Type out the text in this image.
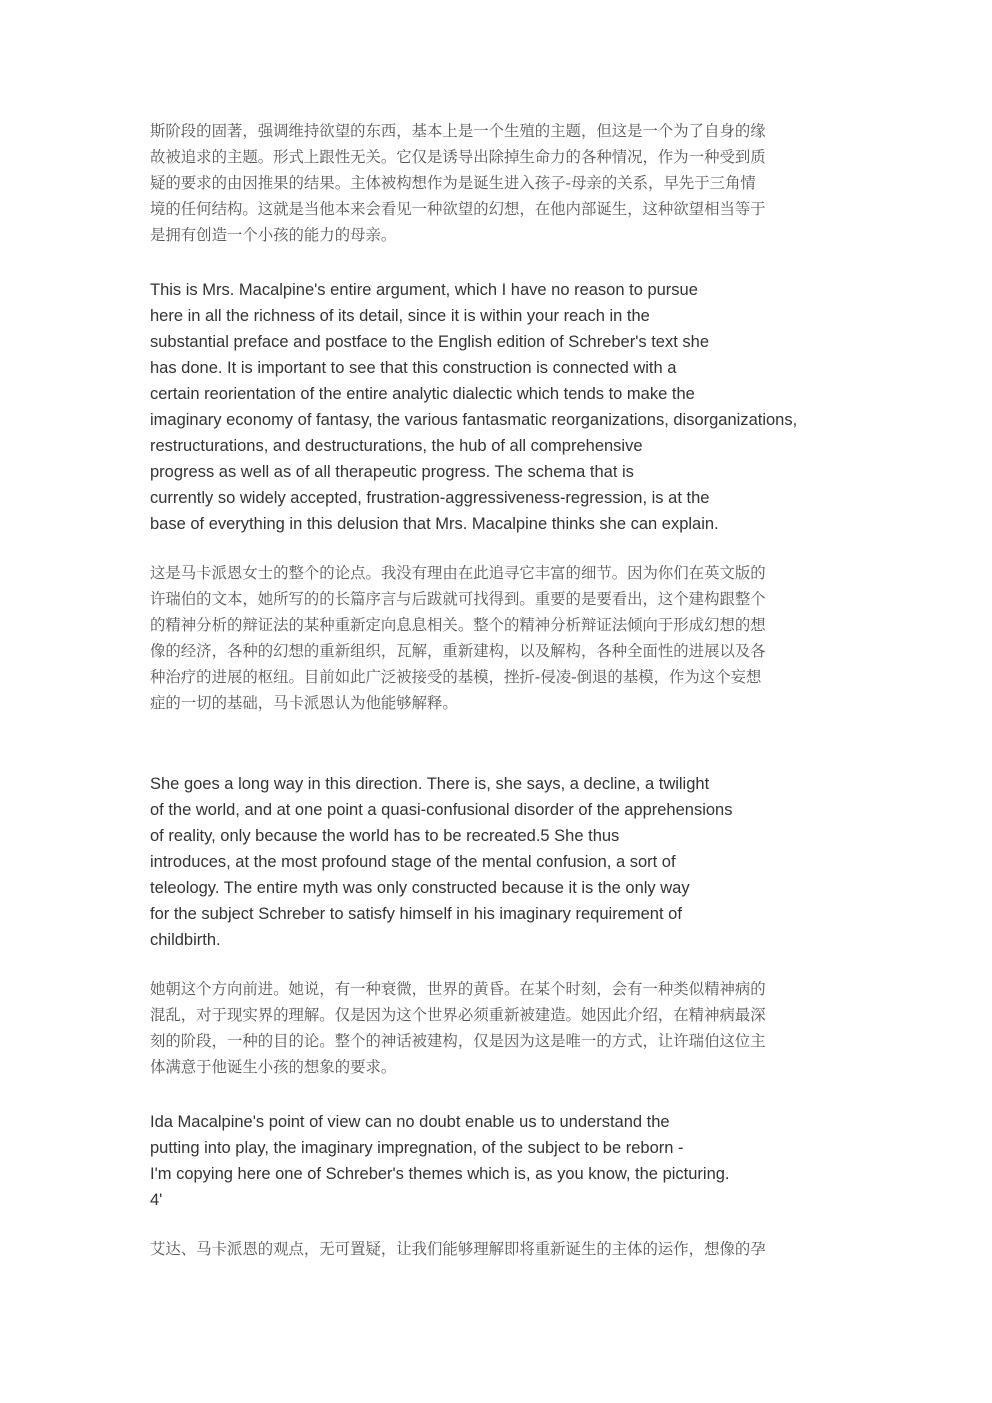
斯阶段的固著，强调维持欲望的东西，基本上是一个生殖的主题，但这是一个为了自身的缘
故被追求的主题。形式上跟性无关。它仅是诱导出除掉生命力的各种情况，作为一种受到质
疑的要求的由因推果的结果。主体被构想作为是诞生进入孩子-母亲的关系，早先于三角情
境的任何结构。这就是当他本来会看见一种欲望的幻想，在他内部诞生，这种欲望相当等于
是拥有创造一个小孩的能力的母亲。
This is Mrs. Macalpine's entire argument, which I have no reason to pursue
here in all the richness of its detail, since it is within your reach in the
substantial preface and postface to the English edition of Schreber's text she
has done. It is important to see that this construction is connected with a
certain reorientation of the entire analytic dialectic which tends to make the
imaginary economy of fantasy, the various fantasmatic reorganizations, disorganizations,
restructurations, and destructurations, the hub of all comprehensive
progress as well as of all therapeutic progress. The schema that is
currently so widely accepted, frustration-aggressiveness-regression, is at the
base of everything in this delusion that Mrs. Macalpine thinks she can explain.
这是马卡派恩女士的整个的论点。我没有理由在此追寻它丰富的细节。因为你们在英文版的
许瑞伯的文本，她所写的的长篇序言与后跋就可找得到。重要的是要看出，这个建构跟整个
的精神分析的辩证法的某种重新定向息息相关。整个的精神分析辩证法倾向于形成幻想的想
像的经济，各种的幻想的重新组织，瓦解，重新建构，以及解构，各种全面性的进展以及各
种治疗的进展的枢纽。目前如此广泛被接受的基模，挫折-侵凌-倒退的基模，作为这个妄想
症的一切的基础，马卡派恩认为他能够解释。
She goes a long way in this direction. There is, she says, a decline, a twilight
of the world, and at one point a quasi-confusional disorder of the apprehensions
of reality, only because the world has to be recreated.5 She thus
introduces, at the most profound stage of the mental confusion, a sort of
teleology. The entire myth was only constructed because it is the only way
for the subject Schreber to satisfy himself in his imaginary requirement of
childbirth.
她朝这个方向前进。她说，有一种衰微，世界的黄昏。在某个时刻，会有一种类似精神病的
混乱，对于现实界的理解。仅是因为这个世界必须重新被建造。她因此介绍，在精神病最深
刻的阶段，一种的目的论。整个的神话被建构，仅是因为这是唯一的方式，让许瑞伯这位主
体满意于他诞生小孩的想象的要求。
Ida Macalpine's point of view can no doubt enable us to understand the
putting into play, the imaginary impregnation, of the subject to be reborn -
I'm copying here one of Schreber's themes which is, as you know, the picturing.
4'
艾达、马卡派恩的观点，无可置疑，让我们能够理解即将重新诞生的主体的运作，想像的孕
